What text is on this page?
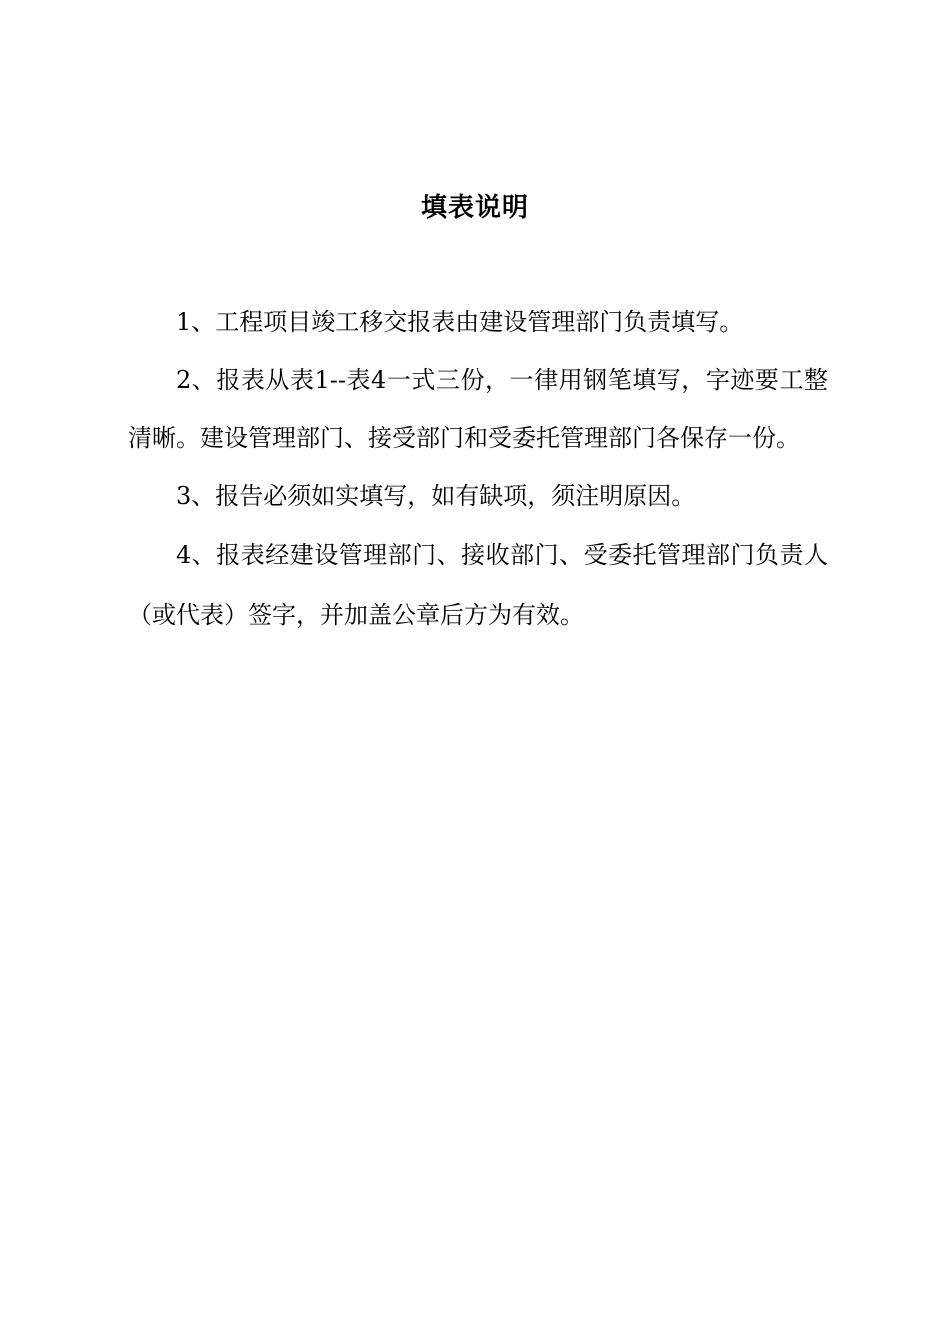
填表说明

1、工程项目竣工移交报表由建设管理部门负责填写。

2、报表从表1--表4一式三份，一律用钢笔填写，字迹要工整清晰。建设管理部门、接受部门和受委托管理部门各保存一份。

3、报告必须如实填写，如有缺项，须注明原因。

4、报表经建设管理部门、接收部门、受委托管理部门负责人（或代表）签字，并加盖公章后方为有效。
